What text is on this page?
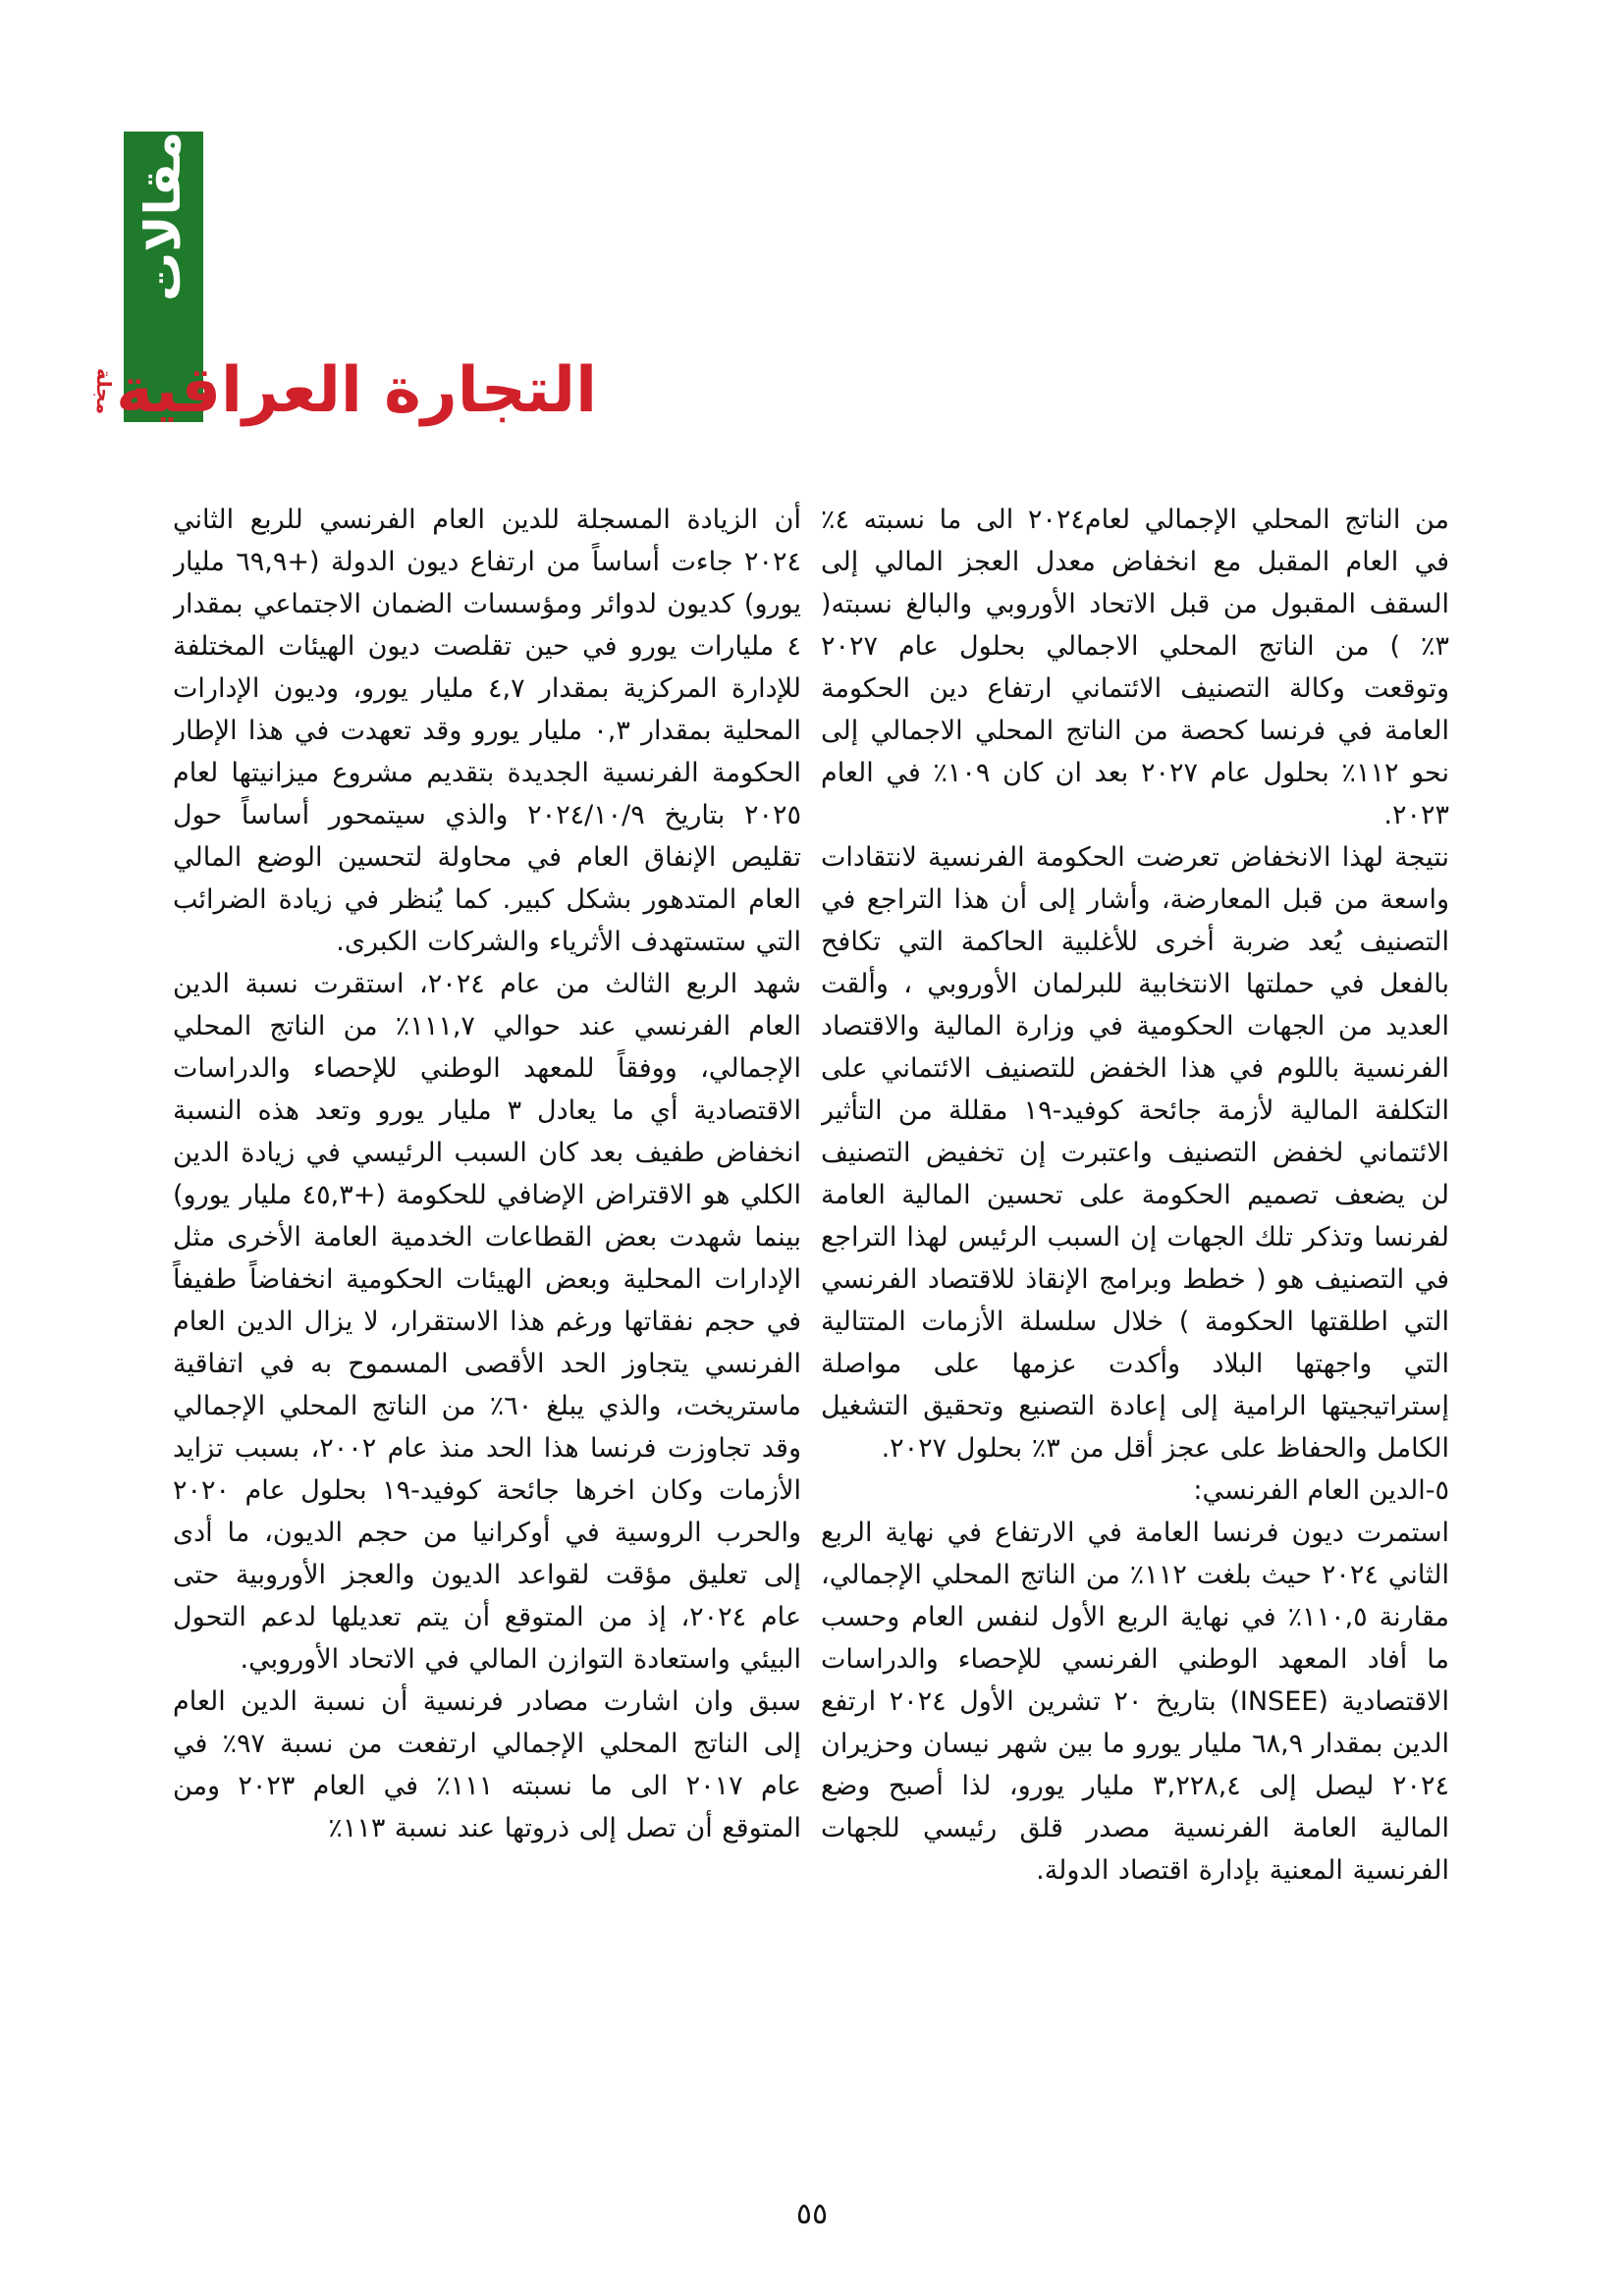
مقالات
التجارة العراقية
مجلة

من الناتج المحلي الإجمالي لعام٢٠٢٤ الى ما نسبته ٤٪ في العام المقبل مع انخفاض معدل العجز المالي إلى السقف المقبول من قبل الاتحاد الأوروبي والبالغ نسبته( ٣٪ ) من الناتج المحلي الاجمالي بحلول عام ٢٠٢٧ وتوقعت وكالة التصنيف الائتماني ارتفاع دين الحكومة العامة في فرنسا كحصة من الناتج المحلي الاجمالي إلى نحو ١١٢٪ بحلول عام ٢٠٢٧ بعد ان كان ١٠٩٪ في العام ٢٠٢٣.

نتيجة لهذا الانخفاض تعرضت الحكومة الفرنسية لانتقادات واسعة من قبل المعارضة، وأشار إلى أن هذا التراجع في التصنيف يُعد ضربة أخرى للأغلبية الحاكمة التي تكافح بالفعل في حملتها الانتخابية للبرلمان الأوروبي ، وألقت العديد من الجهات الحكومية في وزارة المالية والاقتصاد الفرنسية باللوم في هذا الخفض للتصنيف الائتماني على التكلفة المالية لأزمة جائحة كوفيد-١٩ مقللة من التأثير الائتماني لخفض التصنيف واعتبرت إن تخفيض التصنيف لن يضعف تصميم الحكومة على تحسين المالية العامة لفرنسا وتذكر تلك الجهات إن السبب الرئيس لهذا التراجع في التصنيف هو ( خطط وبرامج الإنقاذ للاقتصاد الفرنسي التي اطلقتها الحكومة ) خلال سلسلة الأزمات المتتالية التي واجهتها البلاد وأكدت عزمها على مواصلة إستراتيجيتها الرامية إلى إعادة التصنيع وتحقيق التشغيل الكامل والحفاظ على عجز أقل من ٣٪ بحلول ٢٠٢٧.

٥-الدين العام الفرنسي:

استمرت ديون فرنسا العامة في الارتفاع في نهاية الربع الثاني ٢٠٢٤ حيث بلغت ١١٢٪ من الناتج المحلي الإجمالي، مقارنة ١١٠,٥٪ في نهاية الربع الأول لنفس العام وحسب ما أفاد المعهد الوطني الفرنسي للإحصاء والدراسات الاقتصادية (INSEE) بتاريخ ٢٠ تشرين الأول ٢٠٢٤ ارتفع الدين بمقدار ٦٨,٩ مليار يورو ما بين شهر نيسان وحزيران ٢٠٢٤ ليصل إلى ٣,٢٢٨,٤ مليار يورو، لذا أصبح وضع المالية العامة الفرنسية مصدر قلق رئيسي للجهات الفرنسية المعنية بإدارة اقتصاد الدولة.

أن الزيادة المسجلة للدين العام الفرنسي للربع الثاني ٢٠٢٤ جاءت أساساً من ارتفاع ديون الدولة (+٦٩,٩ مليار يورو) كديون لدوائر ومؤسسات الضمان الاجتماعي بمقدار ٤ مليارات يورو في حين تقلصت ديون الهيئات المختلفة للإدارة المركزية بمقدار ٤,٧ مليار يورو، وديون الإدارات المحلية بمقدار ٠,٣ مليار يورو وقد تعهدت في هذا الإطار الحكومة الفرنسية الجديدة بتقديم مشروع ميزانيتها لعام ٢٠٢٥ بتاريخ ٢٠٢٤/١٠/٩ والذي سيتمحور أساساً حول تقليص الإنفاق العام في محاولة لتحسين الوضع المالي العام المتدهور بشكل كبير. كما يُنظر في زيادة الضرائب التي ستستهدف الأثرياء والشركات الكبرى.

شهد الربع الثالث من عام ٢٠٢٤، استقرت نسبة الدين العام الفرنسي عند حوالي ١١١,٧٪ من الناتج المحلي الإجمالي، ووفقاً للمعهد الوطني للإحصاء والدراسات الاقتصادية أي ما يعادل ٣ مليار يورو وتعد هذه النسبة انخفاض طفيف بعد كان السبب الرئيسي في زيادة الدين الكلي هو الاقتراض الإضافي للحكومة (+٤٥,٣ مليار يورو) بينما شهدت بعض القطاعات الخدمية العامة الأخرى مثل الإدارات المحلية وبعض الهيئات الحكومية انخفاضاً طفيفاً في حجم نفقاتها ورغم هذا الاستقرار، لا يزال الدين العام الفرنسي يتجاوز الحد الأقصى المسموح به في اتفاقية ماستريخت، والذي يبلغ ٦٠٪ من الناتج المحلي الإجمالي وقد تجاوزت فرنسا هذا الحد منذ عام ٢٠٠٢، بسبب تزايد الأزمات وكان اخرها جائحة كوفيد-١٩ بحلول عام ٢٠٢٠ والحرب الروسية في أوكرانيا من حجم الديون، ما أدى إلى تعليق مؤقت لقواعد الديون والعجز الأوروبية حتى عام ٢٠٢٤، إذ من المتوقع أن يتم تعديلها لدعم التحول البيئي واستعادة التوازن المالي في الاتحاد الأوروبي.

سبق وان اشارت مصادر فرنسية أن نسبة الدين العام إلى الناتج المحلي الإجمالي ارتفعت من نسبة ٩٧٪ في عام ٢٠١٧ الى ما نسبته ١١١٪ في العام ٢٠٢٣ ومن المتوقع أن تصل إلى ذروتها عند نسبة ١١٣٪

٥٥
